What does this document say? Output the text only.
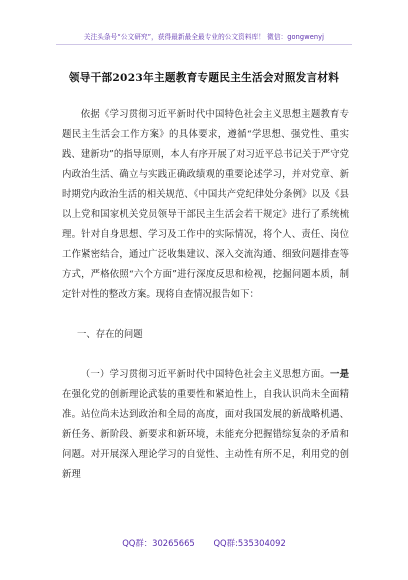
关注头条号“公文研究”，获得最新最全最专业的公文资料库！ 微信：gongwenyj
领导干部2023年主题教育专题民主生活会对照发言材料

依据《学习贯彻习近平新时代中国特色社会主义思想主题教育专题民主生活会工作方案》的具体要求，遵循“学思想、强党性、重实践、建新功”的指导原则，本人有序开展了对习近平总书记关于严守党内政治生活、确立与实践正确政绩观的重要论述学习，并对党章、新时期党内政治生活的相关规范、《中国共产党纪律处分条例》以及《县以上党和国家机关党员领导干部民主生活会若干规定》进行了系统梳理。针对自身思想、学习及工作中的实际情况，将个人、责任、岗位工作紧密结合，通过广泛收集建议、深入交流沟通、细致问题排查等方式，严格依照“六个方面”进行深度反思和检视，挖掘问题本质，制定针对性的整改方案。现将自查情况报告如下：

一、存在的问题

（一）学习贯彻习近平新时代中国特色社会主义思想方面。一是在强化党的创新理论武装的重要性和紧迫性上，自我认识尚未全面精准。站位尚未达到政治和全局的高度，面对我国发展的新战略机遇、新任务、新阶段、新要求和新环境，未能充分把握错综复杂的矛盾和问题。对开展深入理论学习的自觉性、主动性有所不足，利用党的创新理

QQ群：30265665 QQ群:535304092
